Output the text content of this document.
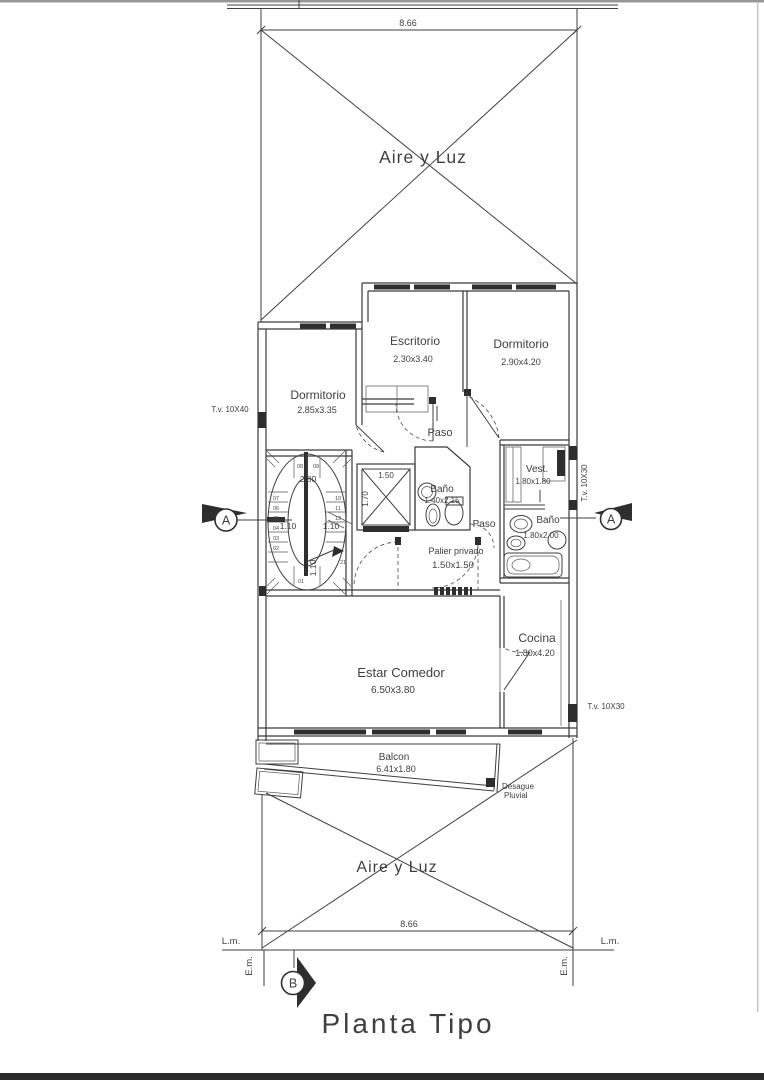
8.66
Aire y Luz
08 09
07
06
05
04
03
02
10
11
12
01
21
2.80
1.10	1.10
1.10
1.50
1.70
Baño
1.40x2.15
Vest.
1.80x1.80
Baño
1.80x2.00
Palier privado
1.50x1.50
Estar Comedor
6.50x3.80
Cocina
1.80x4.20
Balcon
6.41x1.80
Desague
Pluvial
Aire y Luz
8.66
L.m.	L.m.
E.m.	E.m.
A	A
B
Escritorio
2.30x3.40
Dormitorio
2.90x4.20
Dormitorio
2.85x3.35
Paso
Paso
T.v. 10X40
T.v. 10X30
T.v. 10X30
Planta Tipo
